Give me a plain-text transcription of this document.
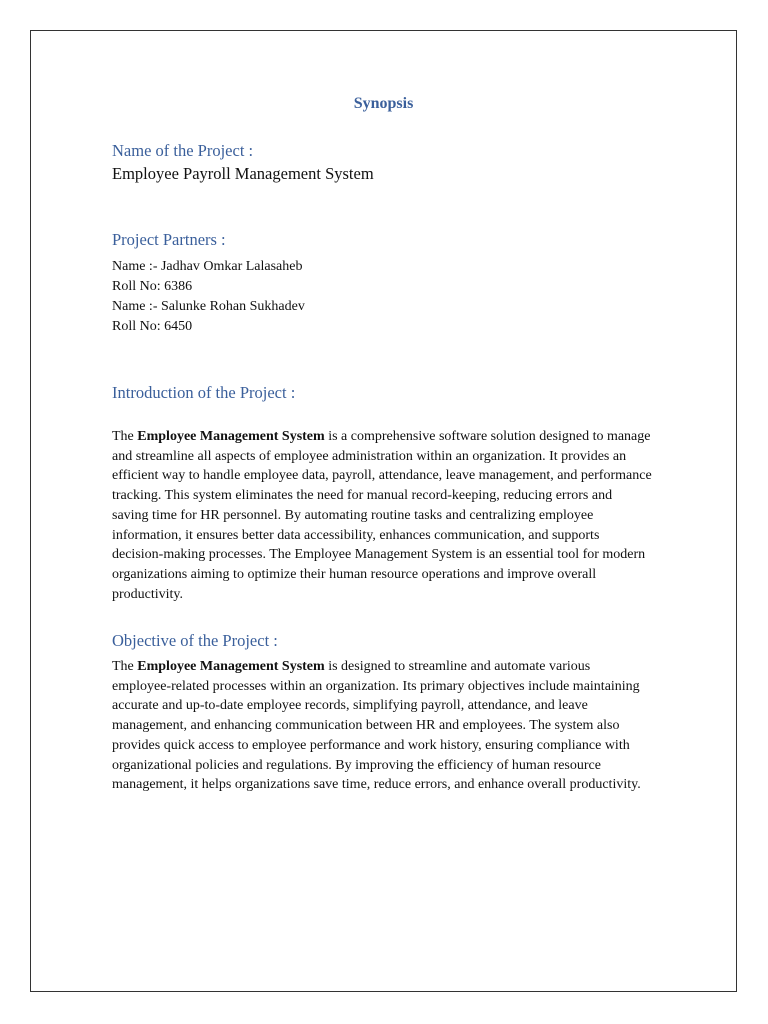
Synopsis
Name of the Project :
Employee Payroll Management System
Project Partners :
Name :- Jadhav Omkar Lalasaheb
Roll No: 6386
Name :- Salunke Rohan Sukhadev
Roll No: 6450
Introduction of the Project :

The Employee Management System is a comprehensive software solution designed to manage and streamline all aspects of employee administration within an organization. It provides an efficient way to handle employee data, payroll, attendance, leave management, and performance tracking. This system eliminates the need for manual record-keeping, reducing errors and saving time for HR personnel. By automating routine tasks and centralizing employee information, it ensures better data accessibility, enhances communication, and supports decision-making processes. The Employee Management System is an essential tool for modern organizations aiming to optimize their human resource operations and improve overall productivity.

Objective of the Project :

The Employee Management System is designed to streamline and automate various employee-related processes within an organization. Its primary objectives include maintaining accurate and up-to-date employee records, simplifying payroll, attendance, and leave management, and enhancing communication between HR and employees. The system also provides quick access to employee performance and work history, ensuring compliance with organizational policies and regulations. By improving the efficiency of human resource management, it helps organizations save time, reduce errors, and enhance overall productivity.
